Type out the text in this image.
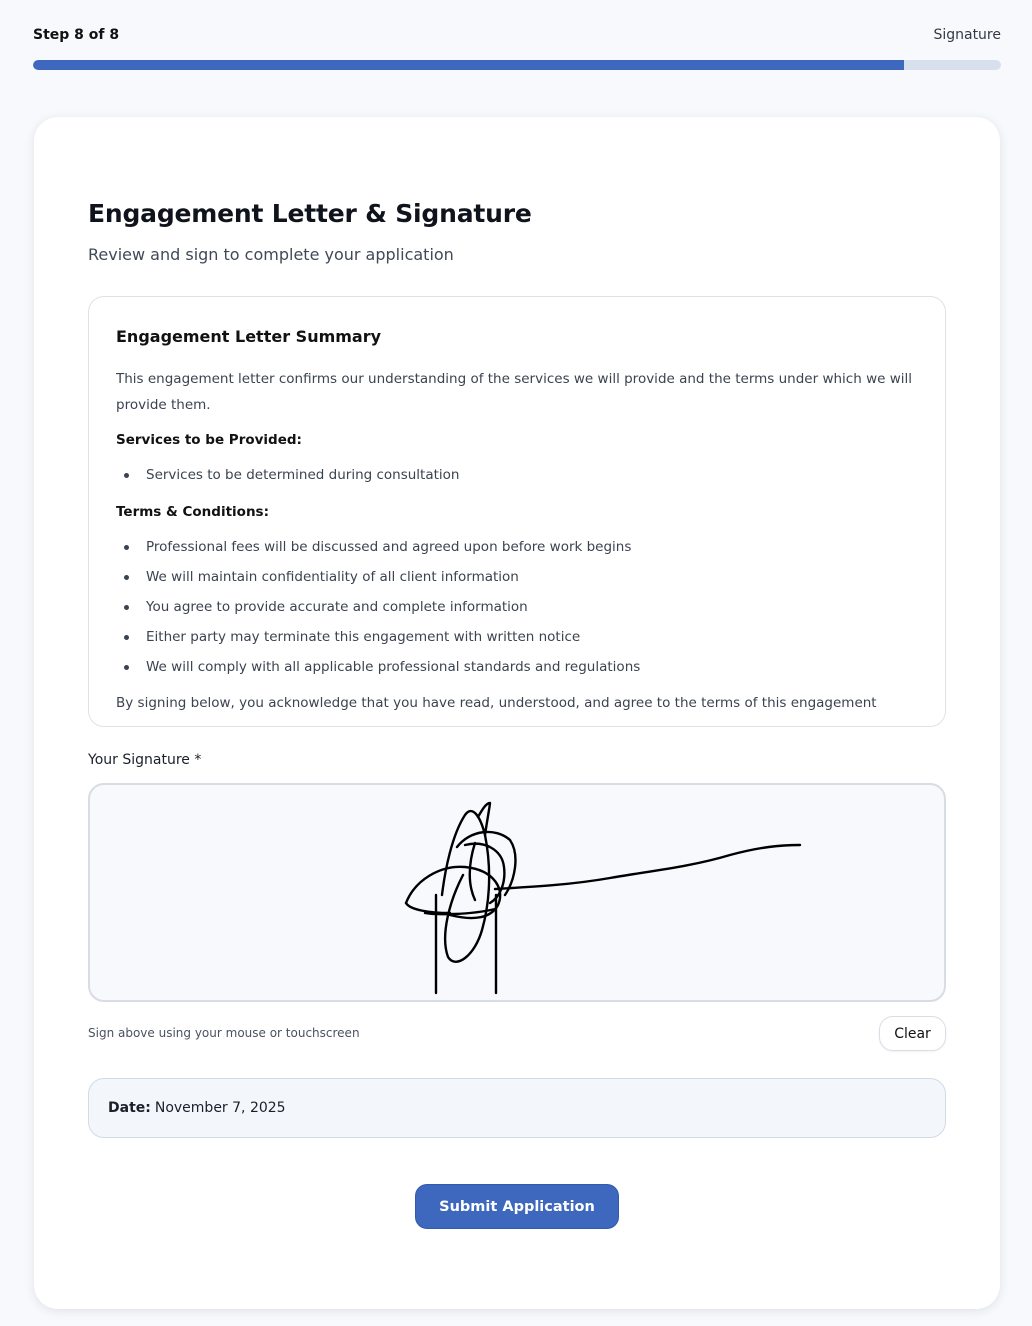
Step 8 of 8	Signature
Engagement Letter & Signature

Review and sign to complete your application

Engagement Letter Summary

This engagement letter confirms our understanding of the services we will provide and the terms under which we will provide them.

Services to be Provided:

Services to be determined during consultation

Terms & Conditions:

Professional fees will be discussed and agreed upon before work begins
We will maintain confidentiality of all client information
You agree to provide accurate and complete information
Either party may terminate this engagement with written notice
We will comply with all applicable professional standards and regulations

By signing below, you acknowledge that you have read, understood, and agree to the terms of this engagement

Your Signature *

Sign above using your mouse or touchscreen	Clear
Date: November 7, 2025
Submit Application
